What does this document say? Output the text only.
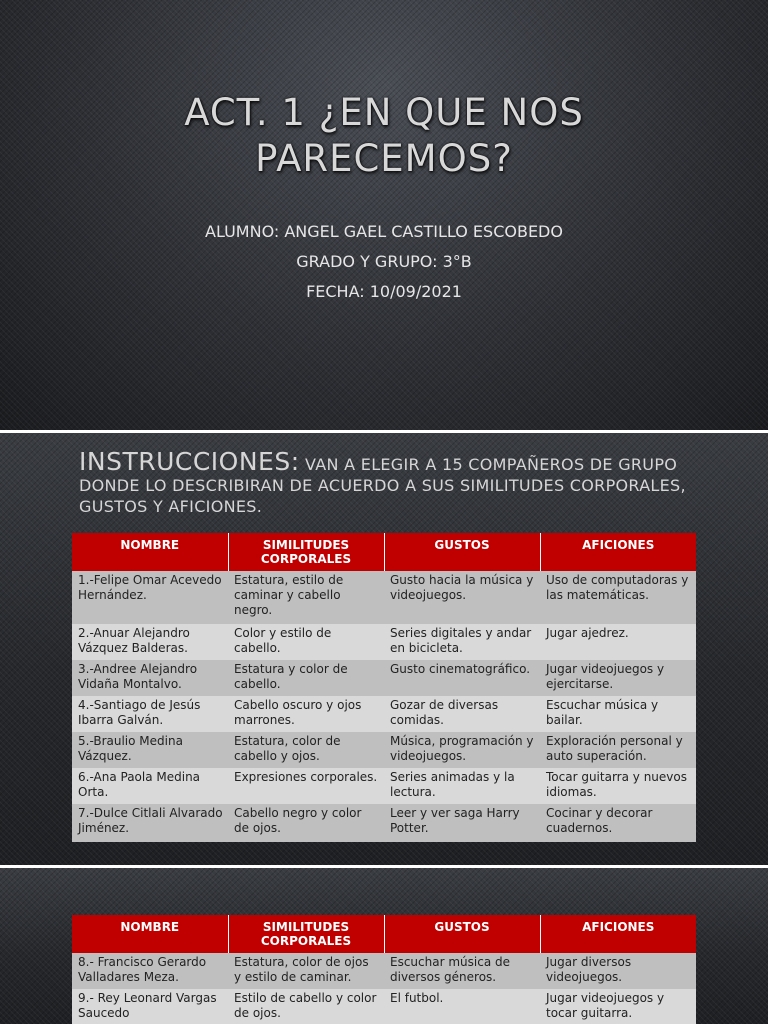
ACT. 1 ¿EN QUE NOS
PARECEMOS?
ALUMNO: ANGEL GAEL CASTILLO ESCOBEDO
GRADO Y GRUPO: 3°B
FECHA: 10/09/2021
INSTRUCCIONES: VAN A ELEGIR A 15 COMPAÑEROS DE GRUPO DONDE LO DESCRIBIRAN DE ACUERDO A SUS SIMILITUDES CORPORALES, GUSTOS Y AFICIONES.
NOMBRE	SIMILITUDES CORPORALES	GUSTOS	AFICIONES
1.-Felipe Omar Acevedo Hernández.	Estatura, estilo de caminar y cabello negro.	Gusto hacia la música y videojuegos.	Uso de computadoras y las matemáticas.
2.-Anuar Alejandro Vázquez Balderas.	Color y estilo de cabello.	Series digitales y andar en bicicleta.	Jugar ajedrez.
3.-Andree Alejandro Vidaña Montalvo.	Estatura y color de cabello.	Gusto cinematográfico.	Jugar videojuegos y ejercitarse.
4.-Santiago de Jesús Ibarra Galván.	Cabello oscuro y ojos marrones.	Gozar de diversas comidas.	Escuchar música y bailar.
5.-Braulio Medina Vázquez.	Estatura, color de cabello y ojos.	Música, programación y videojuegos.	Exploración personal y auto superación.
6.-Ana Paola Medina Orta.	Expresiones corporales.	Series animadas y la lectura.	Tocar guitarra y nuevos idiomas.
7.-Dulce Citlali Alvarado Jiménez.	Cabello negro y color de ojos.	Leer y ver saga Harry Potter.	Cocinar y decorar cuadernos.
NOMBRE	SIMILITUDES CORPORALES	GUSTOS	AFICIONES
8.- Francisco Gerardo Valladares Meza.	Estatura, color de ojos y estilo de caminar.	Escuchar música de diversos géneros.	Jugar diversos videojuegos.
9.- Rey Leonard Vargas Saucedo	Estilo de cabello y color de ojos.	El futbol.	Jugar videojuegos y tocar guitarra.
